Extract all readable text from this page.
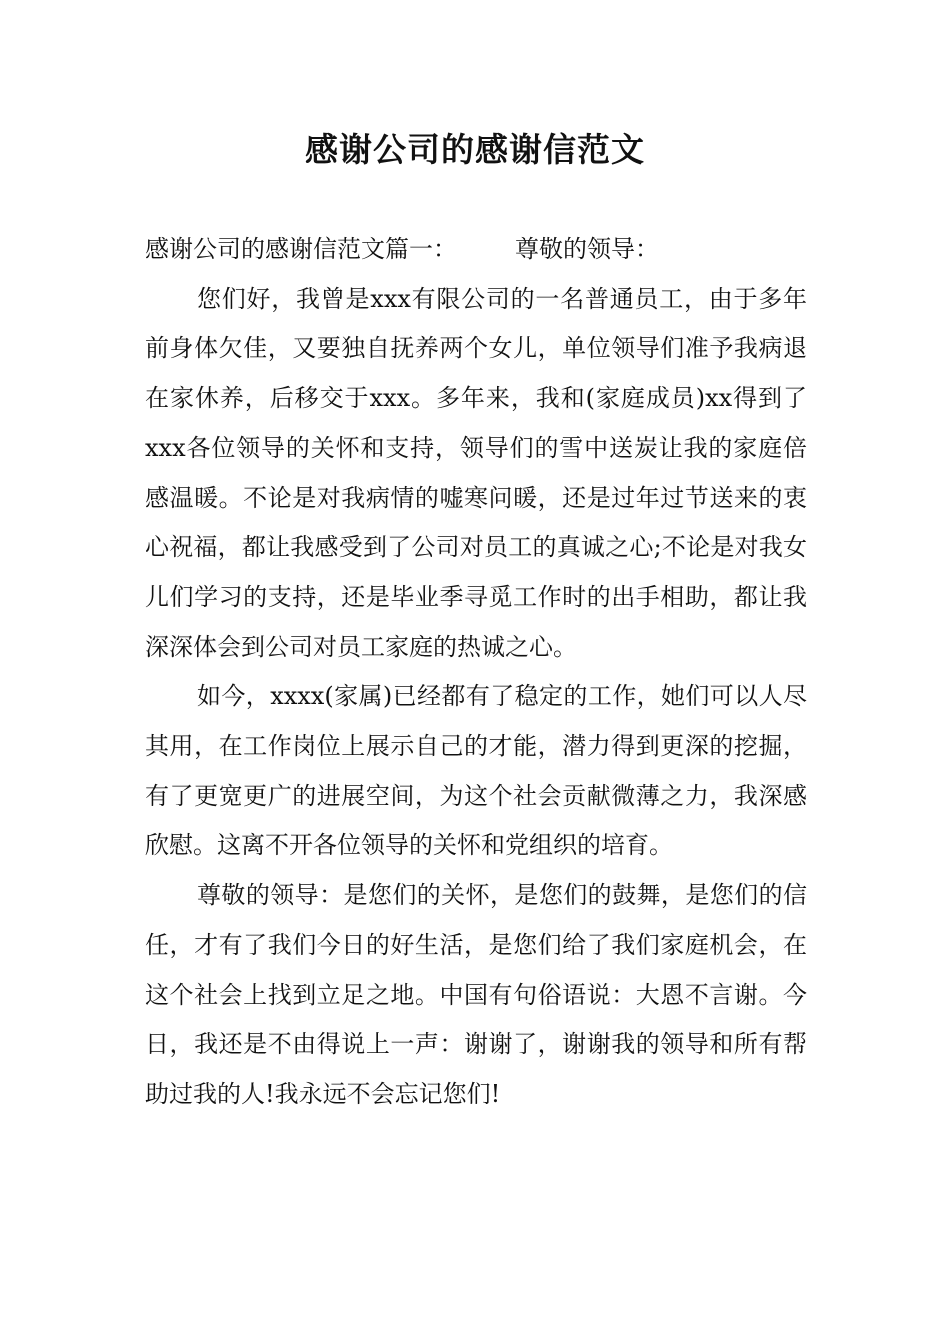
感谢公司的感谢信范文

感谢公司的感谢信范文篇一： 尊敬的领导：

您们好，我曾是xxx有限公司的一名普通员工，由于多年前身体欠佳，又要独自抚养两个女儿，单位领导们准予我病退在家休养，后移交于xxx。多年来，我和(家庭成员)xx得到了xxx各位领导的关怀和支持，领导们的雪中送炭让我的家庭倍感温暖。不论是对我病情的嘘寒问暖，还是过年过节送来的衷心祝福，都让我感受到了公司对员工的真诚之心;不论是对我女儿们学习的支持，还是毕业季寻觅工作时的出手相助，都让我深深体会到公司对员工家庭的热诚之心。

如今，xxxx(家属)已经都有了稳定的工作，她们可以人尽其用，在工作岗位上展示自己的才能，潜力得到更深的挖掘，有了更宽更广的进展空间，为这个社会贡献微薄之力，我深感欣慰。这离不开各位领导的关怀和党组织的培育。

尊敬的领导：是您们的关怀，是您们的鼓舞，是您们的信任，才有了我们今日的好生活，是您们给了我们家庭机会，在这个社会上找到立足之地。中国有句俗语说：大恩不言谢。今日，我还是不由得说上一声：谢谢了，谢谢我的领导和所有帮助过我的人!我永远不会忘记您们!
